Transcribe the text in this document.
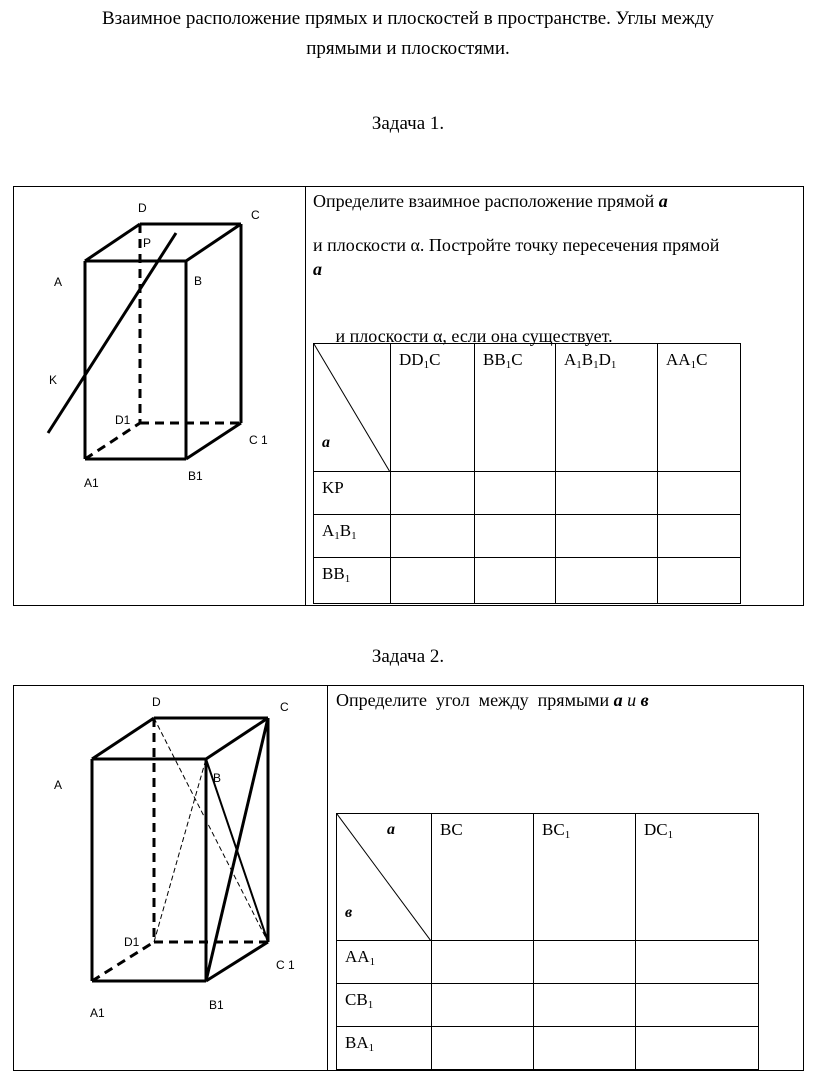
Взаимное расположение прямых и плоскостей в пространстве. Углы между
прямыми и плоскостями.
Задача 1.
D	C
P
A	B
K
D1
C 1
A1	B1
Определите взаимное расположение прямой а
и плоскости α. Постройте точку пересечения прямой
а

и плоскости α, если она существует.

а	$DD_1C$	$BB_1C$	$A_1B_1D_1$	$AA_1C$
KP				
$A_1B_1$				
$BB_1$				
Задача 2.
D	C
A	B
D1
C 1
A1
B1
Определите  угол  между  прямыми а и в
а
в	BC	$BC_1$	$DC_1$
$AA_1$			
$CB_1$			
$BA_1$			
